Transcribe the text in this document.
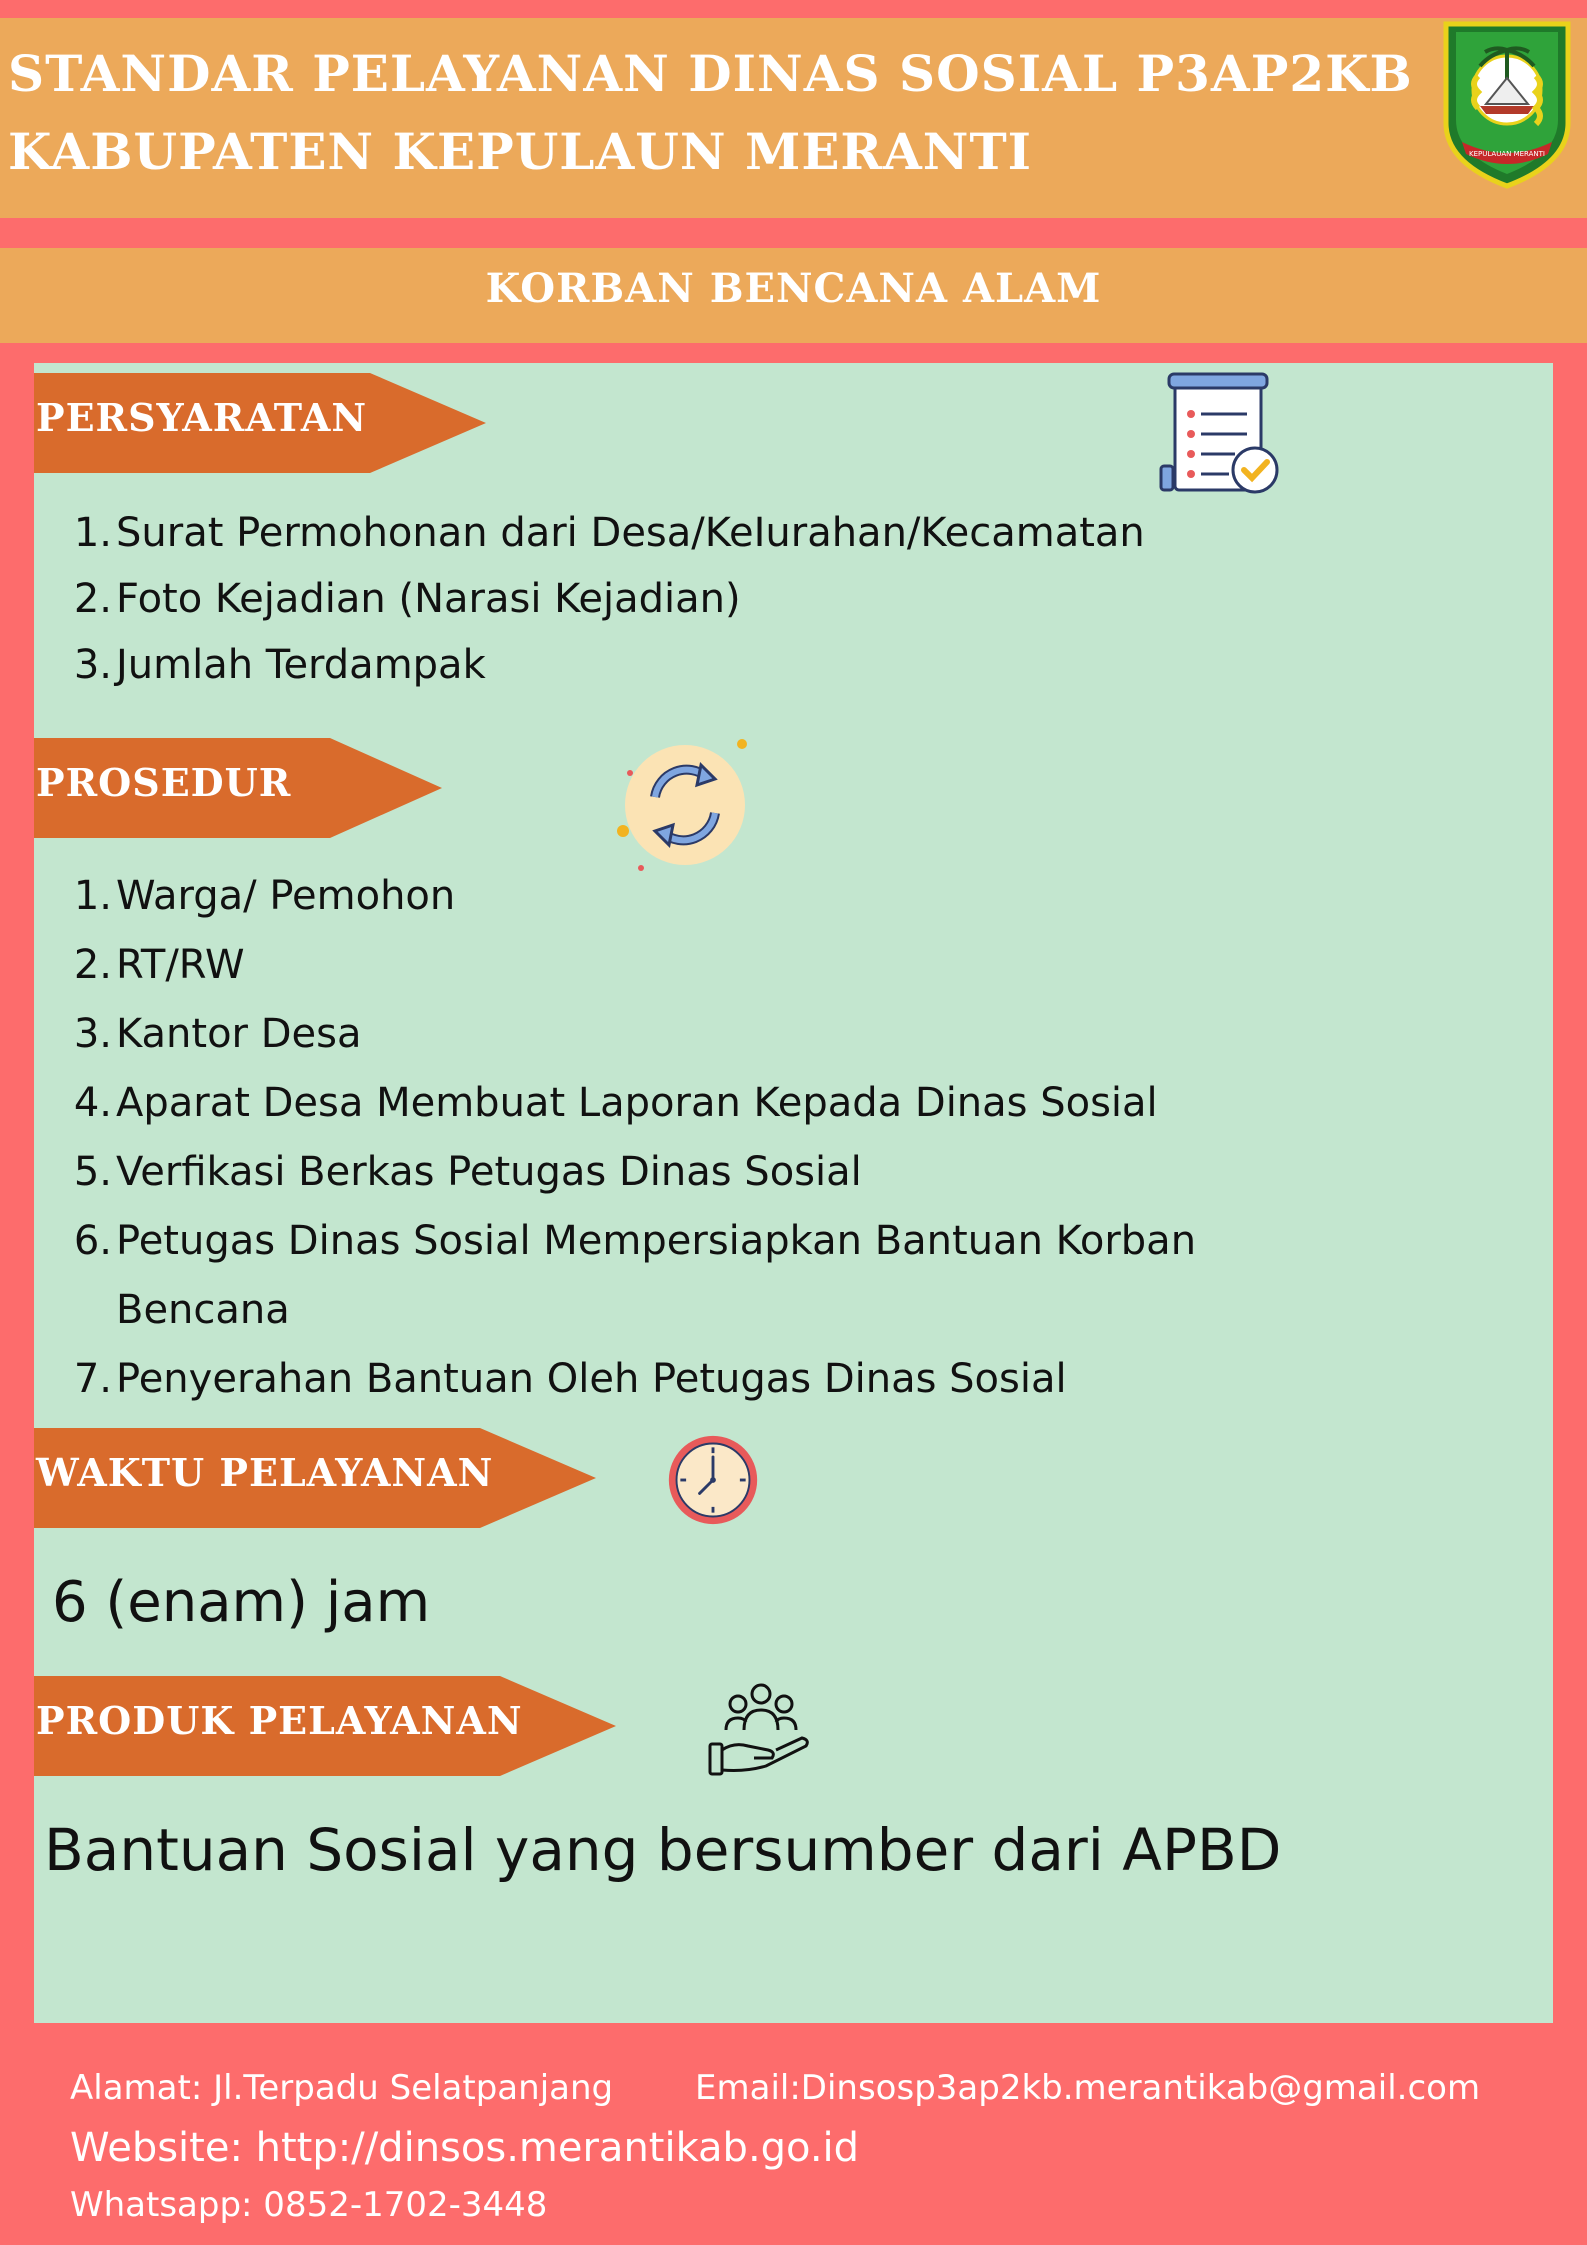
STANDAR PELAYANAN DINAS SOSIAL P3AP2KB
KABUPATEN KEPULAUN MERANTI	KEPULAUAN MERANTI
KORBAN BENCANA ALAM
PERSYARATAN
1. Surat Permohonan dari Desa/KeIurahan/Kecamatan
2. Foto Kejadian (Narasi Kejadian)
3. Jumlah Terdampak
PROSEDUR
1. Warga/ Pemohon
2. RT/RW
3. Kantor Desa
4. Aparat Desa Membuat Laporan Kepada Dinas Sosial
5. Verfikasi Berkas Petugas Dinas Sosial
6. Petugas Dinas Sosial Mempersiapkan Bantuan Korban Bencana
7. Penyerahan Bantuan Oleh Petugas Dinas Sosial
WAKTU PELAYANAN
6 (enam) jam
PRODUK PELAYANAN
Bantuan Sosial yang bersumber dari APBD
Alamat: Jl.Terpadu Selatpanjang Email:Dinsosp3ap2kb.merantikab@gmail.com
Website: http://dinsos.merantikab.go.id
Whatsapp: 0852-1702-3448
